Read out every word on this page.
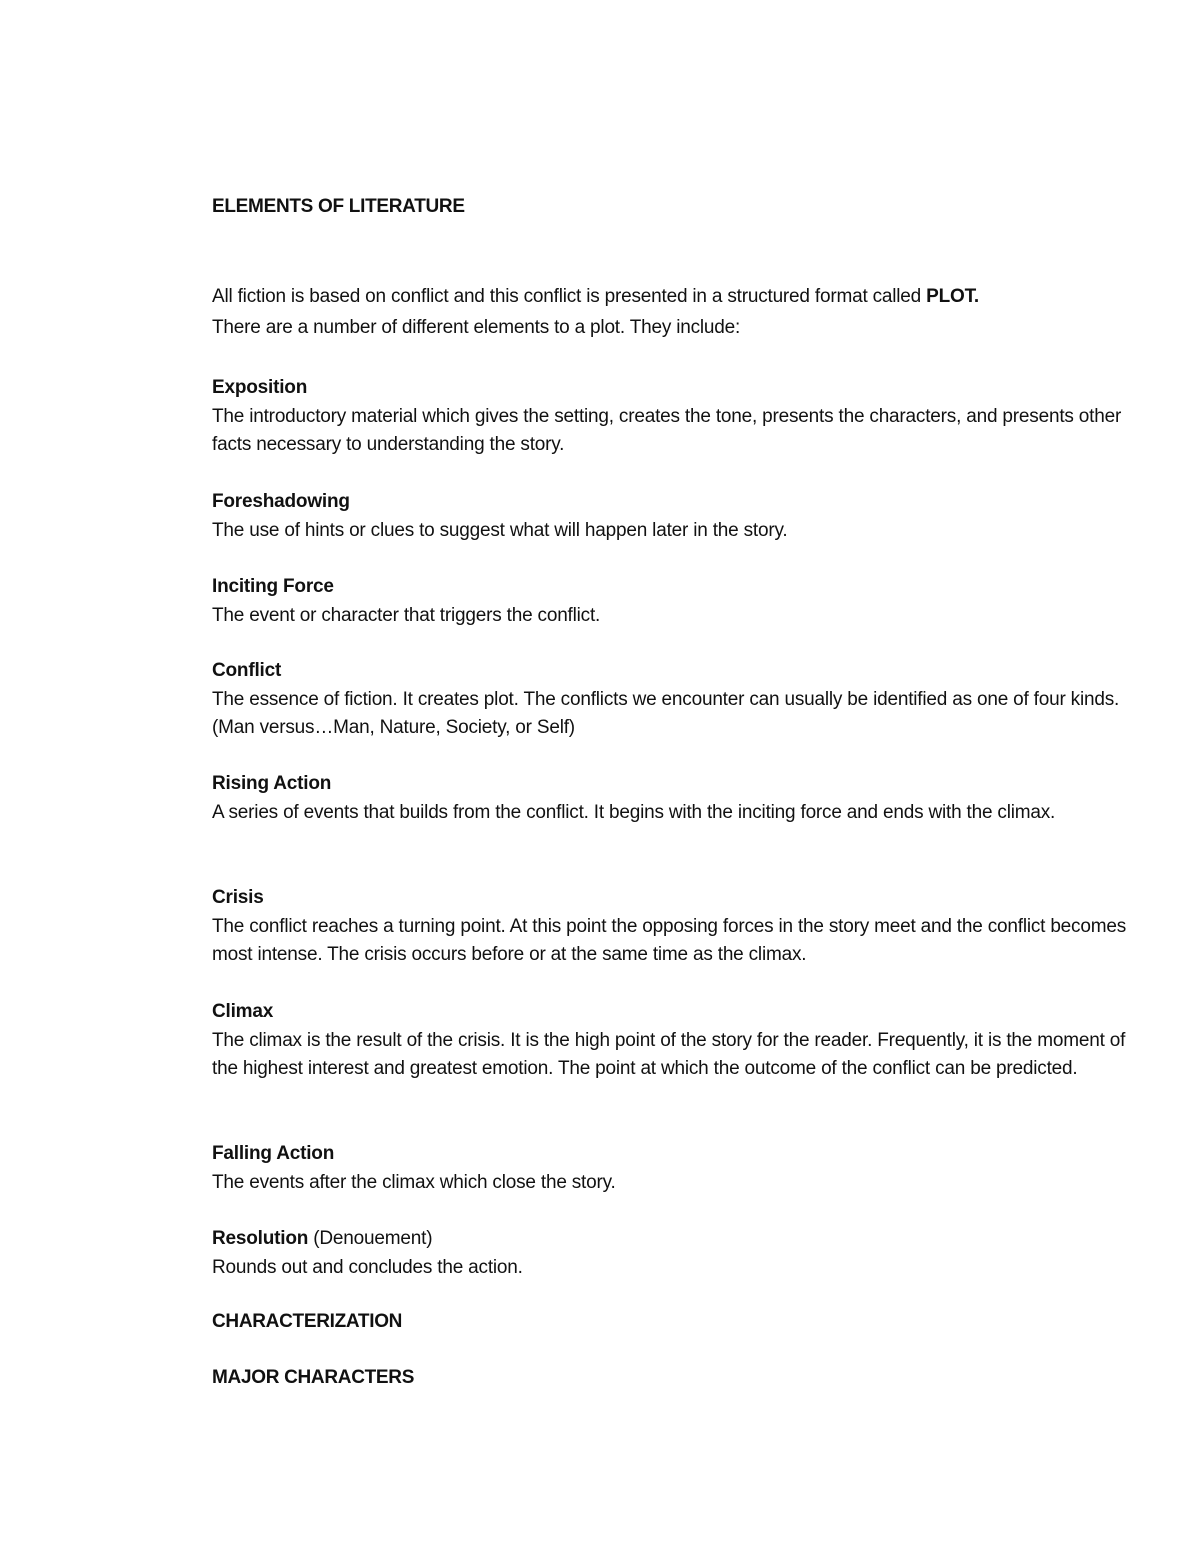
ELEMENTS OF LITERATURE
All fiction is based on conflict and this conflict is presented in a structured format called PLOT.
There are a number of different elements to a plot. They include:
Exposition
The introductory material which gives the setting, creates the tone, presents the characters, and presents other facts necessary to understanding the story.
Foreshadowing
The use of hints or clues to suggest what will happen later in the story.
Inciting Force
The event or character that triggers the conflict.
Conflict
The essence of fiction. It creates plot. The conflicts we encounter can usually be identified as one of four kinds. (Man versus…Man, Nature, Society, or Self)
Rising Action
A series of events that builds from the conflict. It begins with the inciting force and ends with the climax.
Crisis
The conflict reaches a turning point. At this point the opposing forces in the story meet and the conflict becomes most intense. The crisis occurs before or at the same time as the climax.
Climax
The climax is the result of the crisis. It is the high point of the story for the reader. Frequently, it is the moment of the highest interest and greatest emotion. The point at which the outcome of the conflict can be predicted.
Falling Action
The events after the climax which close the story.
Resolution (Denouement)
Rounds out and concludes the action.
CHARACTERIZATION
MAJOR CHARACTERS
